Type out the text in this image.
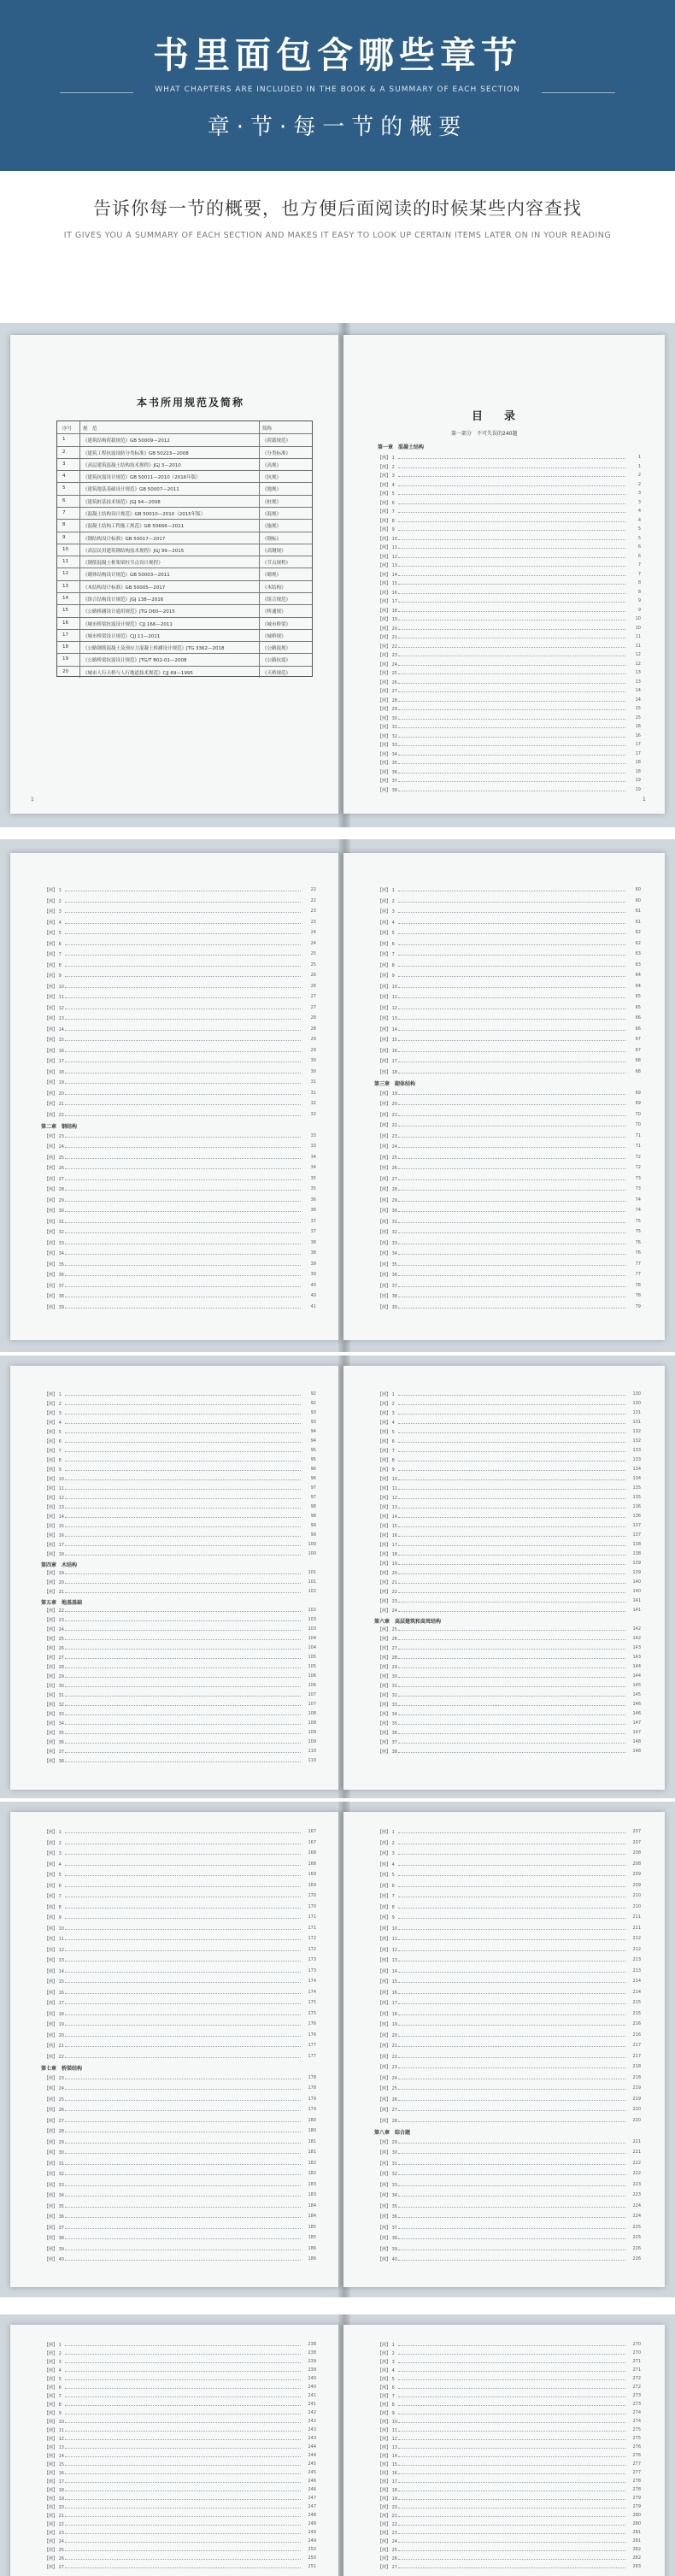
书里面包含哪些章节
WHAT CHAPTERS ARE INCLUDED IN THE BOOK & A SUMMARY OF EACH SECTION
章·节·每一节的概要
告诉你每一节的概要，也方便后面阅读的时候某些内容查找
IT GIVES YOU A SUMMARY OF EACH SECTION AND MAKES IT EASY TO LOOK UP CERTAIN ITEMS LATER ON IN YOUR READING
本书所用规范及简称
序号 规　范	简称
1	《建筑结构荷载规范》GB 50009—2012	《荷载规范》
2	《建筑工程抗震设防分类标准》GB 50223—2008	《分类标准》
3	《高层建筑混凝土结构技术规程》JGJ 3—2010	《高规》
4	《建筑抗震设计规范》GB 50011—2010（2016年版）	《抗规》
5	《建筑地基基础设计规范》GB 50007—2011	《地规》
6	《建筑桩基技术规范》JGJ 94—2008	《桩规》
7	《混凝土结构设计规范》GB 50010—2010（2015年版）	《混规》
8	《混凝土结构工程施工规范》GB 50666—2011	《施规》
9	《钢结构设计标准》GB 50017—2017	《钢标》
10	《高层民用建筑钢结构技术规程》JGJ 99—2015	《高钢规》
11	《钢筋混凝土框架梁柱节点设计规程》	《节点规程》
12	《砌体结构设计规范》GB 50003—2011	《砌规》
13	《木结构设计标准》GB 50005—2017	《木结构》
14	《组合结构设计规范》JGJ 138—2016	《组合规范》
15	《公路桥涵设计通用规范》JTG D60—2015	《桥通规》
16	《城市桥梁抗震设计规范》CJJ 166—2011	《城市桥梁》
17	《城市桥梁设计规范》CJJ 11—2011	《城桥规》
18	《公路钢筋混凝土及预应力混凝土桥涵设计规范》JTG 3362—2018	《公路混规》
19	《公路桥梁抗震设计规范》JTG/T B02-01—2008	《公路抗震》
20	《城市人行天桥与人行地道技术规范》CJJ 69—1995	《天桥规范》
1
目　录
第一部分　不可失误的240题
第一章　混凝土结构
【例】 1	1
【例】 2	1
【例】 3	2
【例】 4	2
【例】 5	3
【例】 6	3
【例】 7	4
【例】 8	4
【例】 9	5
【例】 10	5
【例】 11	6
【例】 12	6
【例】 13	7
【例】 14	7
【例】 15	8
【例】 16	8
【例】 17	9
【例】 18	9
【例】 19	10
【例】 20	10
【例】 21	11
【例】 22	11
【例】 23	12
【例】 24	12
【例】 25	13
【例】 26	13
【例】 27	14
【例】 28	14
【例】 29	15
【例】 30	15
【例】 31	16
【例】 32	16
【例】 33	17
【例】 34	17
【例】 35	18
【例】 36	18
【例】 37	19
【例】 38	19
1
【例】 1	22
【例】 2	22
【例】 3	23
【例】 4	23
【例】 5	24
【例】 6	24
【例】 7	25
【例】 8	25
【例】 9	26
【例】 10	26
【例】 11	27
【例】 12	27
【例】 13	28
【例】 14	28
【例】 15	29
【例】 16	29
【例】 17	30
【例】 18	30
【例】 19	31
【例】 20	31
【例】 21	32
【例】 22	32
第二章　钢结构
【例】 23	33
【例】 24	33
【例】 25	34
【例】 26	34
【例】 27	35
【例】 28	35
【例】 29	36
【例】 30	36
【例】 31	37
【例】 32	37
【例】 33	38
【例】 34	38
【例】 35	39
【例】 36	39
【例】 37	40
【例】 38	40
【例】 39	41
【例】 1	60
【例】 2	60
【例】 3	61
【例】 4	61
【例】 5	62
【例】 6	62
【例】 7	63
【例】 8	63
【例】 9	64
【例】 10	64
【例】 11	65
【例】 12	65
【例】 13	66
【例】 14	66
【例】 15	67
【例】 16	67
【例】 17	68
【例】 18	68
第三章　砌体结构
【例】 19	69
【例】 20	69
【例】 21	70
【例】 22	70
【例】 23	71
【例】 24	71
【例】 25	72
【例】 26	72
【例】 27	73
【例】 28	73
【例】 29	74
【例】 30	74
【例】 31	75
【例】 32	75
【例】 33	76
【例】 34	76
【例】 35	77
【例】 36	77
【例】 37	78
【例】 38	78
【例】 39	79
【例】 1	92
【例】 2	92
【例】 3	93
【例】 4	93
【例】 5	94
【例】 6	94
【例】 7	95
【例】 8	95
【例】 9	96
【例】 10	96
【例】 11	97
【例】 12	97
【例】 13	98
【例】 14	98
【例】 15	99
【例】 16	99
【例】 17	100
【例】 18	100
第四章　木结构
【例】 19	101
【例】 20	101
【例】 21	102
第五章　地基基础
【例】 22	102
【例】 23	103
【例】 24	103
【例】 25	104
【例】 26	104
【例】 27	105
【例】 28	105
【例】 29	106
【例】 30	106
【例】 31	107
【例】 32	107
【例】 33	108
【例】 34	108
【例】 35	109
【例】 36	109
【例】 37	110
【例】 38	110
【例】 1	130
【例】 2	130
【例】 3	131
【例】 4	131
【例】 5	132
【例】 6	132
【例】 7	133
【例】 8	133
【例】 9	134
【例】 10	134
【例】 11	135
【例】 12	135
【例】 13	136
【例】 14	136
【例】 15	137
【例】 16	137
【例】 17	138
【例】 18	138
【例】 19	139
【例】 20	139
【例】 21	140
【例】 22	140
【例】 23	141
【例】 24	141
第六章　高层建筑和高耸结构
【例】 25	142
【例】 26	142
【例】 27	143
【例】 28	143
【例】 29	144
【例】 30	144
【例】 31	145
【例】 32	145
【例】 33	146
【例】 34	146
【例】 35	147
【例】 36	147
【例】 37	148
【例】 38	148
【例】 1	167
【例】 2	167
【例】 3	168
【例】 4	168
【例】 5	169
【例】 6	169
【例】 7	170
【例】 8	170
【例】 9	171
【例】 10	171
【例】 11	172
【例】 12	172
【例】 13	173
【例】 14	173
【例】 15	174
【例】 16	174
【例】 17	175
【例】 18	175
【例】 19	176
【例】 20	176
【例】 21	177
【例】 22	177
第七章　桥梁结构
【例】 23	178
【例】 24	178
【例】 25	179
【例】 26	179
【例】 27	180
【例】 28	180
【例】 29	181
【例】 30	181
【例】 31	182
【例】 32	182
【例】 33	183
【例】 34	183
【例】 35	184
【例】 36	184
【例】 37	185
【例】 38	185
【例】 39	186
【例】 40	186
【例】 1	207
【例】 2	207
【例】 3	208
【例】 4	208
【例】 5	209
【例】 6	209
【例】 7	210
【例】 8	210
【例】 9	211
【例】 10	211
【例】 11	212
【例】 12	212
【例】 13	213
【例】 14	213
【例】 15	214
【例】 16	214
【例】 17	215
【例】 18	215
【例】 19	216
【例】 20	216
【例】 21	217
【例】 22	217
【例】 23	218
【例】 24	218
【例】 25	219
【例】 26	219
【例】 27	220
【例】 28	220
第八章　综合题
【例】 29	221
【例】 30	221
【例】 31	222
【例】 32	222
【例】 33	223
【例】 34	223
【例】 35	224
【例】 36	224
【例】 37	225
【例】 38	225
【例】 39	226
【例】 40	226
【例】 1	238
【例】 2	238
【例】 3	239
【例】 4	239
【例】 5	240
【例】 6	240
【例】 7	241
【例】 8	241
【例】 9	242
【例】 10	242
【例】 11	243
【例】 12	243
【例】 13	244
【例】 14	244
【例】 15	245
【例】 16	245
【例】 17	246
【例】 18	246
【例】 19	247
【例】 20	247
【例】 21	248
【例】 22	248
【例】 23	249
【例】 24	249
【例】 25	250
【例】 26	250
【例】 27	251
【例】 1	270
【例】 2	270
【例】 3	271
【例】 4	271
【例】 5	272
【例】 6	272
【例】 7	273
【例】 8	273
【例】 9	274
【例】 10	274
【例】 11	275
【例】 12	275
【例】 13	276
【例】 14	276
【例】 15	277
【例】 16	277
【例】 17	278
【例】 18	278
【例】 19	279
【例】 20	279
【例】 21	280
【例】 22	280
【例】 23	281
【例】 24	281
【例】 25	282
【例】 26	282
【例】 27	283
